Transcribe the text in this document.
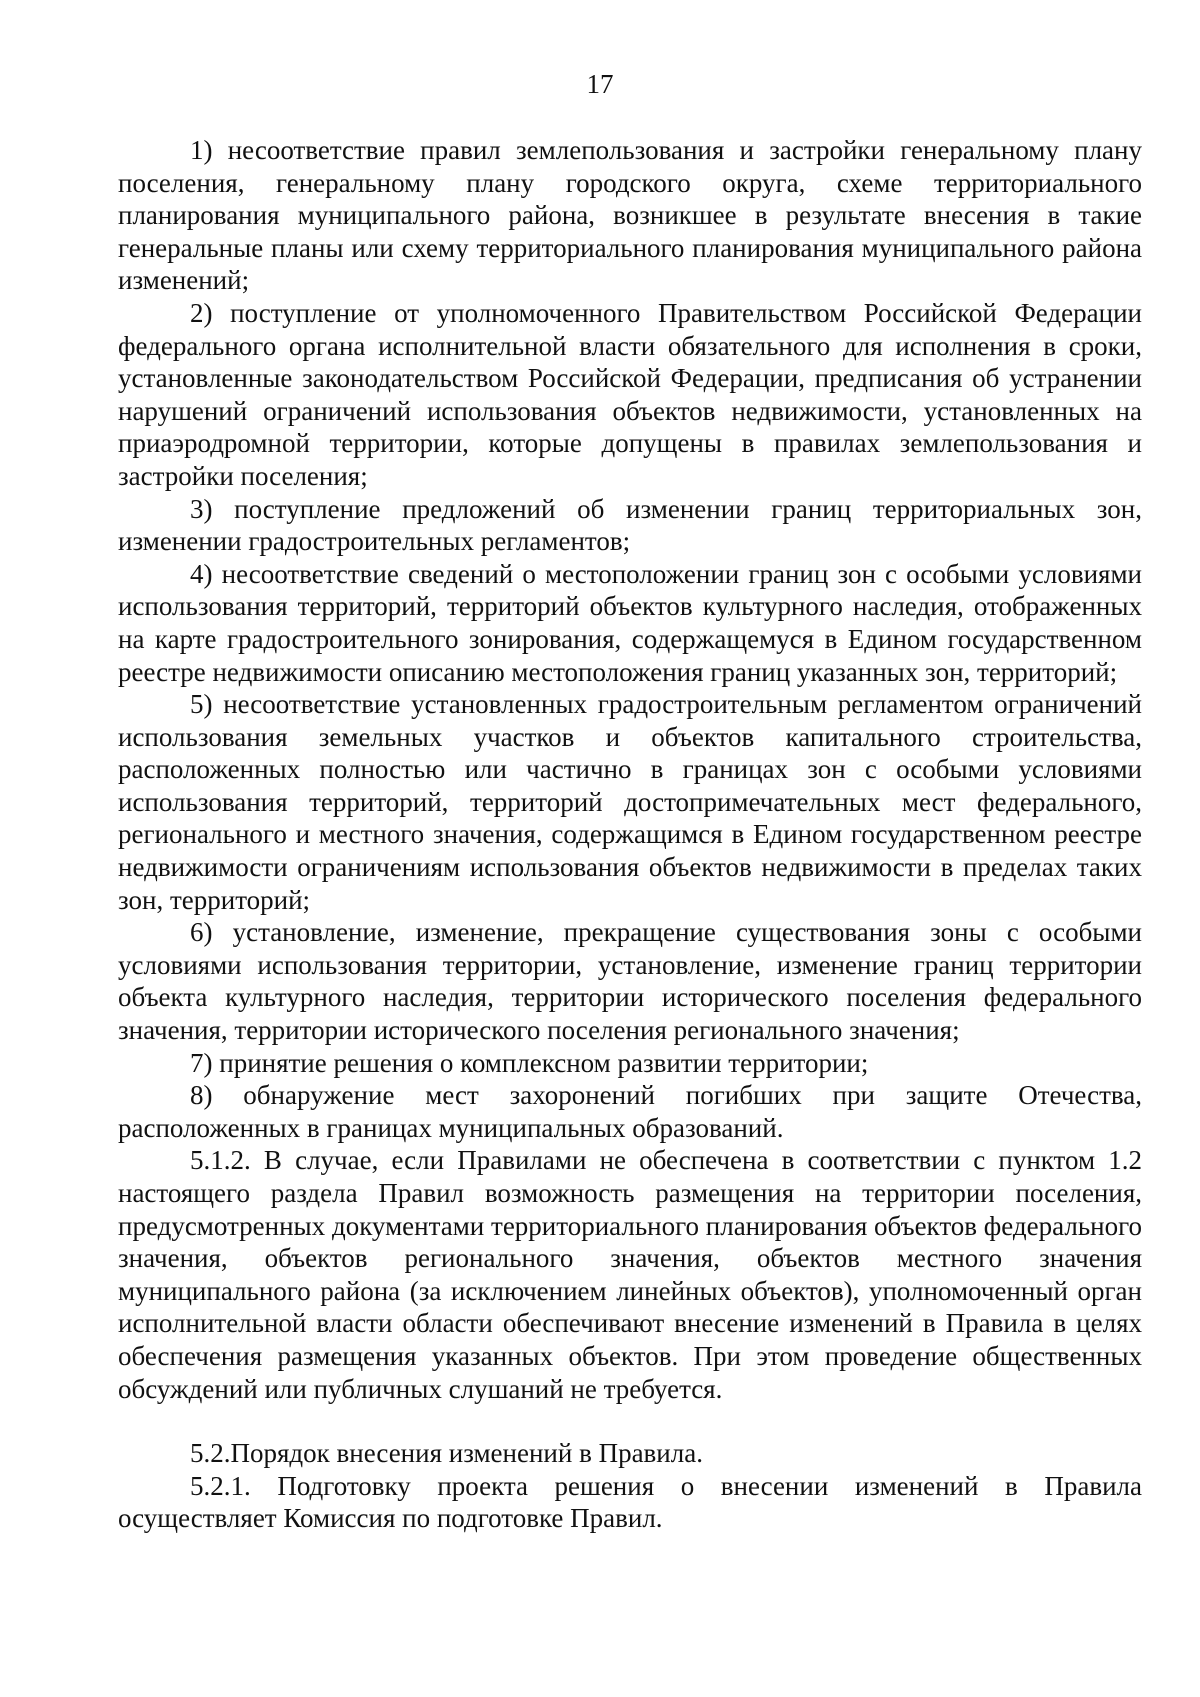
17

1) несоответствие правил землепользования и застройки генеральному плану поселения, генеральному плану городского округа, схеме территориального планирования муниципального района, возникшее в результате внесения в такие генеральные планы или схему территориального планирования муниципального района изменений;

2) поступление от уполномоченного Правительством Российской Федерации федерального органа исполнительной власти обязательного для исполнения в сроки, установленные законодательством Российской Федерации, предписания об устранении нарушений ограничений использования объектов недвижимости, установленных на приаэродромной территории, которые допущены в правилах землепользования и застройки поселения;

3) поступление предложений об изменении границ территориальных зон, изменении градостроительных регламентов;

4) несоответствие сведений о местоположении границ зон с особыми условиями использования территорий, территорий объектов культурного наследия, отображенных на карте градостроительного зонирования, содержащемуся в Едином государственном реестре недвижимости описанию местоположения границ указанных зон, территорий;

5) несоответствие установленных градостроительным регламентом ограничений использования земельных участков и объектов капитального строительства, расположенных полностью или частично в границах зон с особыми условиями использования территорий, территорий достопримечательных мест федерального, регионального и местного значения, содержащимся в Едином государственном реестре недвижимости ограничениям использования объектов недвижимости в пределах таких зон, территорий;

6) установление, изменение, прекращение существования зоны с особыми условиями использования территории, установление, изменение границ территории объекта культурного наследия, территории исторического поселения федерального значения, территории исторического поселения регионального значения;

7) принятие решения о комплексном развитии территории;

8) обнаружение мест захоронений погибших при защите Отечества, расположенных в границах муниципальных образований.

5.1.2. В случае, если Правилами не обеспечена в соответствии с пунктом 1.2 настоящего раздела Правил возможность размещения на территории поселения, предусмотренных документами территориального планирования объектов федерального значения, объектов регионального значения, объектов местного значения муниципального района (за исключением линейных объектов), уполномоченный орган исполнительной власти области обеспечивают внесение изменений в Правила в целях обеспечения размещения указанных объектов. При этом проведение общественных обсуждений или публичных слушаний не требуется.

5.2.Порядок внесения изменений в Правила.

5.2.1. Подготовку проекта решения о внесении изменений в Правила осуществляет Комиссия по подготовке Правил.
